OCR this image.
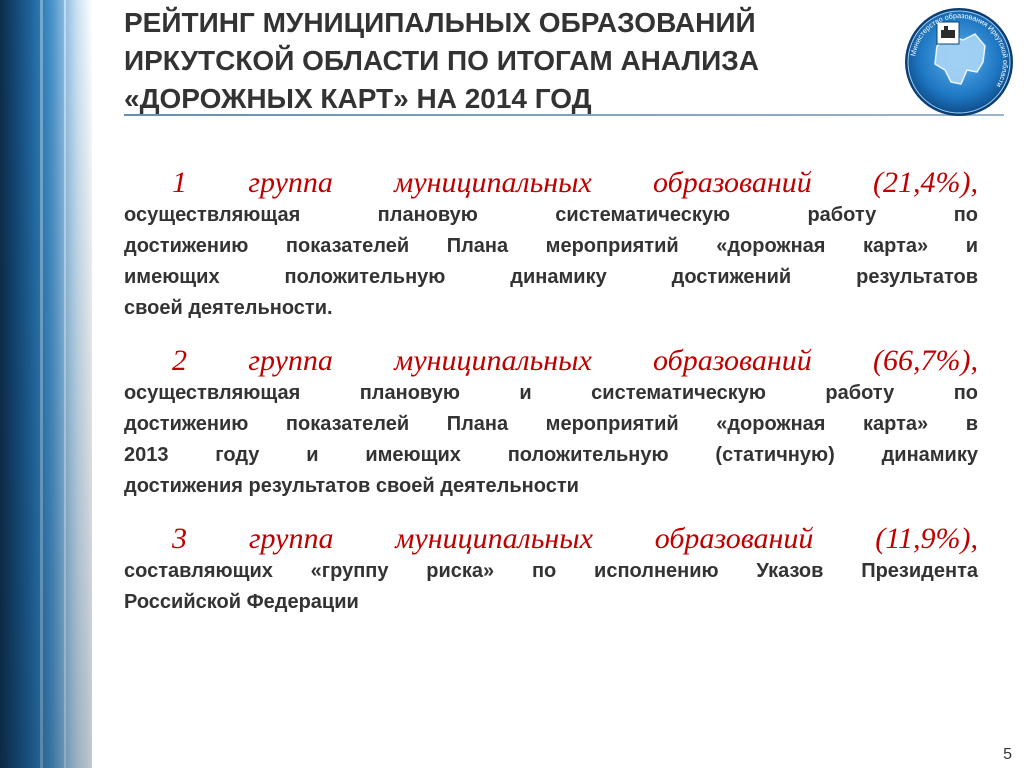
РЕЙТИНГ МУНИЦИПАЛЬНЫХ ОБРАЗОВАНИЙ
ИРКУТСКОЙ ОБЛАСТИ ПО ИТОГАМ АНАЛИЗА
«ДОРОЖНЫХ КАРТ» НА 2014 ГОД
Министерство образования Иркутской области
1 группа муниципальных образований (21,4%),
осуществляющая плановую систематическую работу по
достижению показателей Плана мероприятий «дорожная карта» и
имеющих положительную динамику достижений результатов
своей деятельности.
2 группа муниципальных образований (66,7%),
осуществляющая плановую и систематическую работу по
достижению показателей Плана мероприятий «дорожная карта» в
2013 году и имеющих положительную (статичную) динамику
достижения результатов своей деятельности
3 группа муниципальных образований (11,9%),
составляющих «группу риска» по исполнению Указов Президента
Российской Федерации
5
